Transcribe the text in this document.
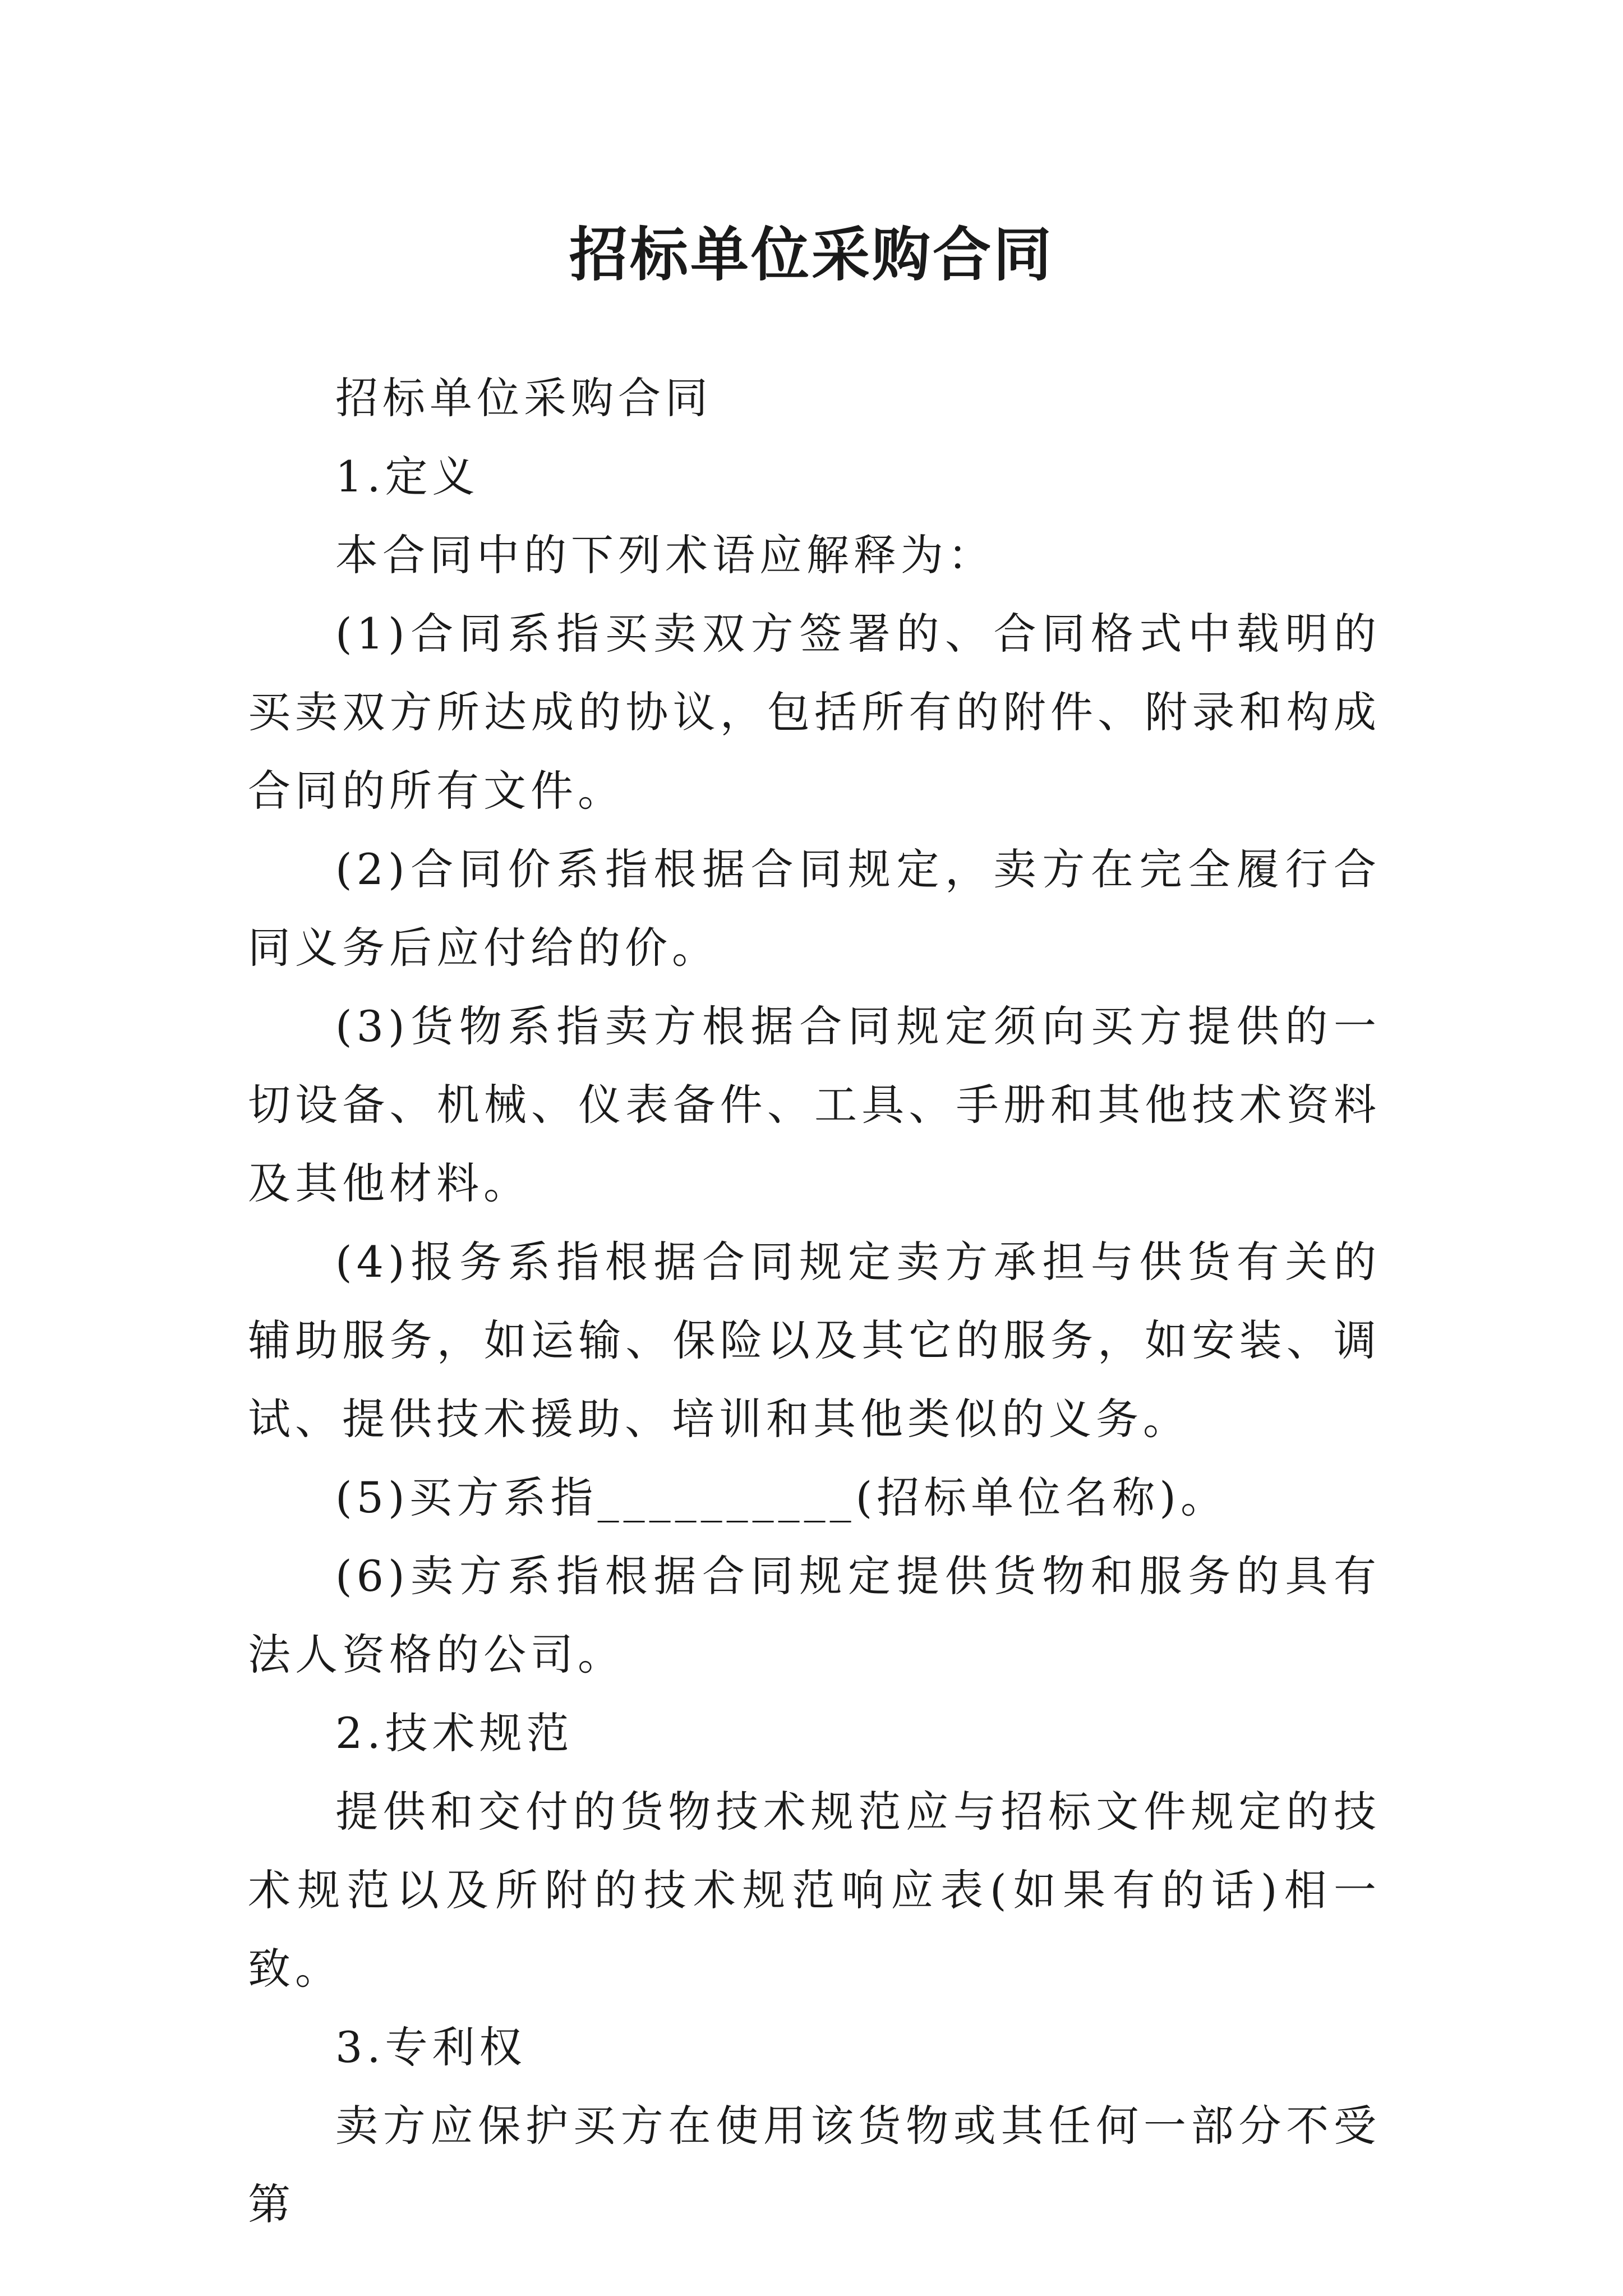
招标单位采购合同

招标单位采购合同

1.定义

本合同中的下列术语应解释为：

(1)合同系指买卖双方签署的、合同格式中载明的买卖双方所达成的协议，包括所有的附件、附录和构成合同的所有文件。

(2)合同价系指根据合同规定，卖方在完全履行合同义务后应付给的价。

(3)货物系指卖方根据合同规定须向买方提供的一切设备、机械、仪表备件、工具、手册和其他技术资料及其他材料。

(4)报务系指根据合同规定卖方承担与供货有关的辅助服务，如运输、保险以及其它的服务，如安装、调试、提供技术援助、培训和其他类似的义务。

(5)买方系指__________(招标单位名称)。

(6)卖方系指根据合同规定提供货物和服务的具有法人资格的公司。

2.技术规范

提供和交付的货物技术规范应与招标文件规定的技术规范以及所附的技术规范响应表(如果有的话)相一致。

3.专利权

卖方应保护买方在使用该货物或其任何一部分不受第
